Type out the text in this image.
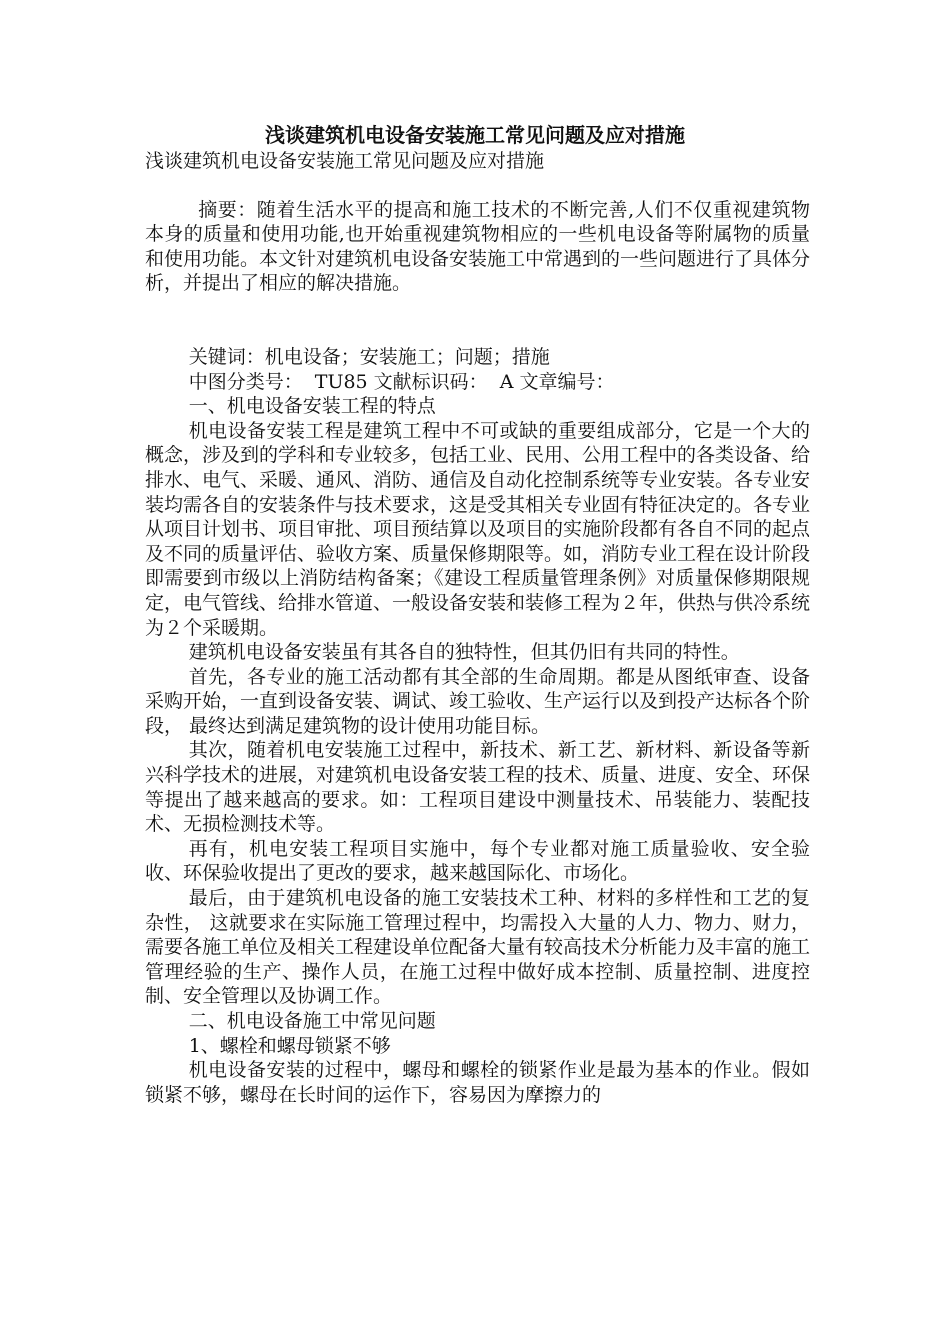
浅谈建筑机电设备安装施工常见问题及应对措施

浅谈建筑机电设备安装施工常见问题及应对措施

摘要：随着生活水平的提高和施工技术的不断完善,人们不仅重视建筑物本身的质量和使用功能,也开始重视建筑物相应的一些机电设备等附属物的质量和使用功能。本文针对建筑机电设备安装施工中常遇到的一些问题进行了具体分析，并提出了相应的解决措施。

关键词：机电设备；安装施工；问题；措施

中图分类号：  TU85 文献标识码：  A 文章编号：

一、机电设备安装工程的特点

机电设备安装工程是建筑工程中不可或缺的重要组成部分，它是一个大的概念，涉及到的学科和专业较多，包括工业、民用、公用工程中的各类设备、给排水、电气、采暖、通风、消防、通信及自动化控制系统等专业安装。各专业安装均需各自的安装条件与技术要求，这是受其相关专业固有特征决定的。各专业从项目计划书、项目审批、项目预结算以及项目的实施阶段都有各自不同的起点及不同的质量评估、验收方案、质量保修期限等。如，消防专业工程在设计阶段即需要到市级以上消防结构备案；《建设工程质量管理条例》对质量保修期限规定，电气管线、给排水管道、一般设备安装和装修工程为２年，供热与供冷系统为２个采暖期。

建筑机电设备安装虽有其各自的独特性，但其仍旧有共同的特性。

首先，各专业的施工活动都有其全部的生命周期。都是从图纸审查、设备采购开始，一直到设备安装、调试、竣工验收、生产运行以及到投产达标各个阶段， 最终达到满足建筑物的设计使用功能目标。

其次，随着机电安装施工过程中，新技术、新工艺、新材料、新设备等新兴科学技术的进展，对建筑机电设备安装工程的技术、质量、进度、安全、环保等提出了越来越高的要求。如：工程项目建设中测量技术、吊装能力、装配技术、无损检测技术等。

再有，机电安装工程项目实施中，每个专业都对施工质量验收、安全验收、环保验收提出了更改的要求，越来越国际化、市场化。

最后，由于建筑机电设备的施工安装技术工种、材料的多样性和工艺的复杂性， 这就要求在实际施工管理过程中，均需投入大量的人力、物力、财力， 需要各施工单位及相关工程建设单位配备大量有较高技术分析能力及丰富的施工管理经验的生产、操作人员，在施工过程中做好成本控制、质量控制、进度控制、安全管理以及协调工作。

二、机电设备施工中常见问题

1、螺栓和螺母锁紧不够

机电设备安装的过程中，螺母和螺栓的锁紧作业是最为基本的作业。假如锁紧不够，螺母在长时间的运作下，容易因为摩擦力的
